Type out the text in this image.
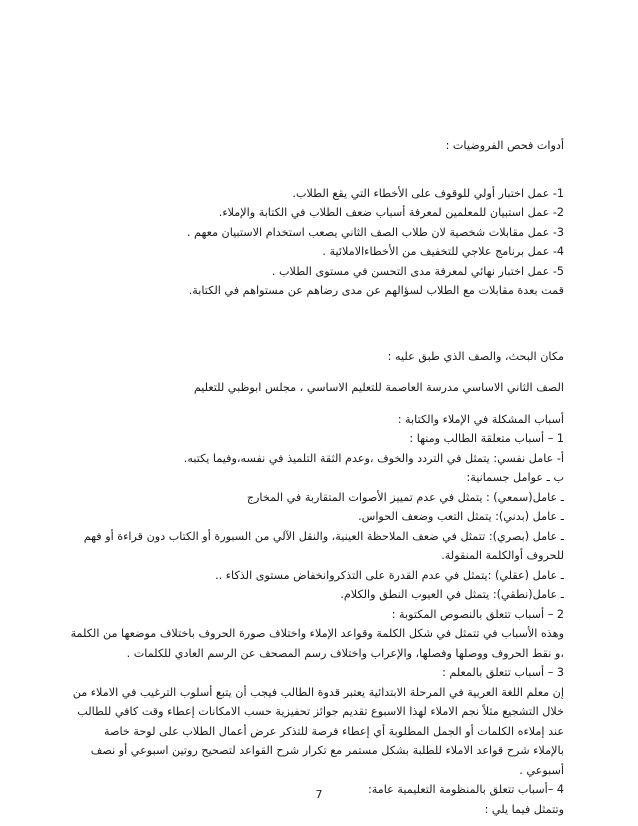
أدوات فحص الفروضيات :
1- عمل اختبار أولي للوقوف على الأخطاء التي يقع الطلاب.
2- عمل استبيان للمعلمين لمعرفة أسباب ضعف الطلاب في الكتابة والإملاء.
3- عمل مقابلات شخصية لان طلاب الصف الثاني يصعب استخدام الاستبيان معهم .
4- عمل برنامج علاجي للتخفيف من الأخطاءالاملائية .
5- عمل اختبار نهائي لمعرفة مدى التحسن في مستوى الطلاب .
قمت بعدة مقابلات مع الطلاب لسؤالهم عن مدى رضاهم عن مستواهم في الكتابة.
مكان البحث، والصف الذي طبق عليه :
الصف الثاني الاساسي مدرسة العاصمة للتعليم الاساسي ، مجلس ابوظبي للتعليم
أسباب المشكلة في الإملاء والكتابة :
1 – أسباب متعلقة الطالب ومنها :
أ- عامل نفسي: يتمثل في التردد والخوف ،وعدم الثقة التلميذ في نفسه،وفيما يكتبه.
ب ـ عوامل جسمانية:
ـ عامل(سمعي) : يتمثل في عدم تمييز الأصوات المتقاربة في المخارج
ـ عامل (بدني): يتمثل التعب وضعف الحواس.
ـ عامل (بصري): تتمثل في ضعف الملاحظة العينية، والنقل الآلي من السبورة أو الكتاب دون قراءة أو فهم للحروف أوالكلمة المنقولة.
ـ عامل (عقلي) :يتمثل في عدم القدرة على التذكروانخفاض مستوى الذكاء ..
ـ عامل(نطقي): يتمثل في العيوب النطق والكلام.
2 – أسباب تتعلق بالنصوص المكتوبة :
وهذه الأسباب في تتمثل في شكل الكلمة وقواعد الإملاء واختلاف صورة الحروف باختلاف موضعها من الكلمة ،و نقط الحروف ووصلها وفصلها، والإعراب واختلاف رسم المصحف عن الرسم العادي للكلمات .
3 – أسباب تتعلق بالمعلم :
إن معلم اللغة العربية في المرحلة الابتدائية يعتبر قدوة الطالب فيجب أن يتبع أسلوب الترغيب في الاملاء من خلال التشجيع مثلاً نجم الاملاء لهذا الاسبوع تقديم جوائز تحفيزية حسب الامكانات إعطاء وقت كافي للطالب عند إملاءه الكلمات أو الجمل المطلوبة أي إعطاء فرصة للتذكر عرض أعمال الطلاب على لوحة خاصة بالإملاء شرح قواعد الاملاء للطلبة بشكل مستمر مع تكرار شرح القواعد لتصحيح روتين اسبوعي أو نصف أسبوعي .
4 –أسباب تتعلق بالمنظومة التعليمية عامة:
وتتمثل فيما يلي :
7
